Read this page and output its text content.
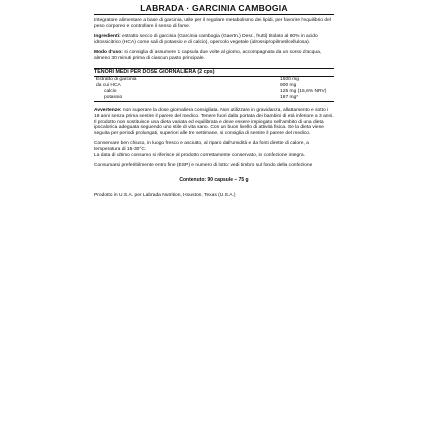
LABRADA · GARCINIA CAMBOGIA

Integratore alimentare a base di garcinia, utile per il regolare metabolismo dei lipidi, per favorire l'equilibrio del peso corporeo e controllare il senso di fame.

Ingredienti: estratto secco di garcinia (Garcinia cambogia (Gaertn.) Desr., frutti) titolato al 60% in acido idrossicitrico (HCA) come sali di potassio e di calcio), opercolo vegetale (idrossipropilmetilcellulosa).

Modo d'uso: si consiglia di assumere 1 capsula due volte al giorno, accompagnata da un sorso d'acqua, almeno 30 minuti prima di ciascun pasto principale.

TENORI MEDI PER DOSE GIORNALIERA (2 cps)
Estratto di garcinia	1500 mg
da cui HCA	900 mg
calcio	125 mg (15,6% NRV)
potassio	167 mg*

Avvertenze: non superare la dose giornaliera consigliata. Non utilizzare in gravidanza, allattamento e sotto i 18 anni senza prima sentire il parere del medico. Tenere fuori dalla portata dei bambini di età inferiore a 3 anni. Il prodotto non sostituisce una dieta variata ed equilibrata e deve essere impiegato nell'ambito di una dieta ipocalorica adeguata seguendo uno stile di vita sano. Con un buon livello di attività fisica. Se la dieta viene seguita per periodi prolungati, superiori alle tre settimane, si consiglia di sentire il parere del medico.

Conservare ben chiuso, in luogo fresco e asciutto, al riparo dall'umidità e da fonti dirette di calore, a temperatura di 15-30°C.

La data di ultimo consumo si riferisce al prodotto correttamente conservato, in confezione integra.

Consumarsi preferibilmente entro fine (ESP) e numero di lotto: vedi timbro sul fondo della confezione

Contenuto: 90 capsule – 75 g

Prodotto in U.S.A. per Labrada Nutrition, Houston, Texas (U.S.A.)
